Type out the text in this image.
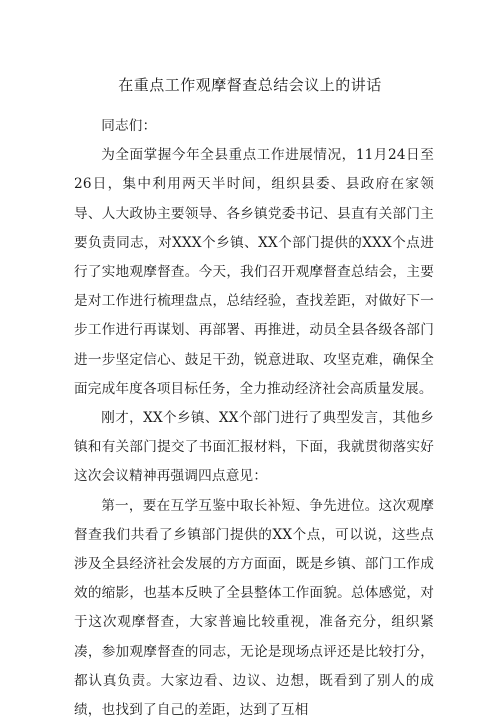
在重点工作观摩督查总结会议上的讲话

同志们：

为全面掌握今年全县重点工作进展情况，11月24日至26日，集中利用两天半时间，组织县委、县政府在家领导、人大政协主要领导、各乡镇党委书记、县直有关部门主要负责同志，对XXX个乡镇、XX个部门提供的XXX个点进行了实地观摩督查。今天，我们召开观摩督查总结会，主要是对工作进行梳理盘点，总结经验，查找差距，对做好下一步工作进行再谋划、再部署、再推进，动员全县各级各部门进一步坚定信心、鼓足干劲，锐意进取、攻坚克难，确保全面完成年度各项目标任务，全力推动经济社会高质量发展。

刚才，XX个乡镇、XX个部门进行了典型发言，其他乡镇和有关部门提交了书面汇报材料，下面，我就贯彻落实好这次会议精神再强调四点意见：

第一，要在互学互鉴中取长补短、争先进位。这次观摩督查我们共看了乡镇部门提供的XX个点，可以说，这些点涉及全县经济社会发展的方方面面，既是乡镇、部门工作成效的缩影，也基本反映了全县整体工作面貌。总体感觉，对于这次观摩督查，大家普遍比较重视，准备充分，组织紧凑，参加观摩督查的同志，无论是现场点评还是比较打分，都认真负责。大家边看、边议、边想，既看到了别人的成绩，也找到了自己的差距，达到了互相
